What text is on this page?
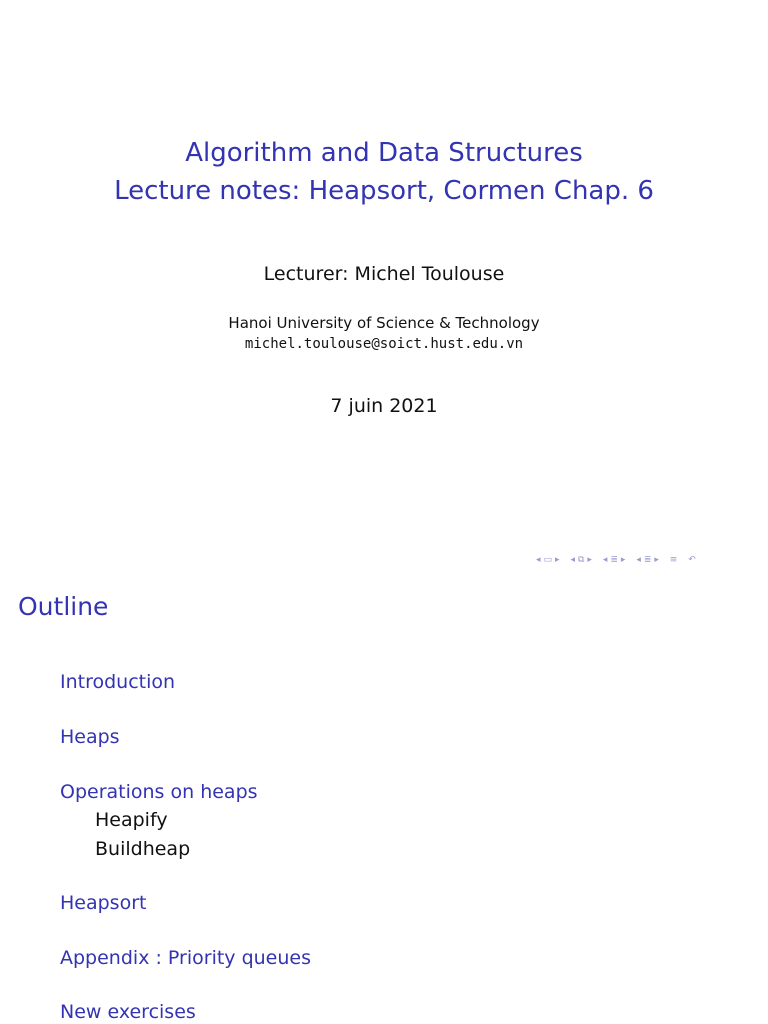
Algorithm and Data Structures
Lecture notes: Heapsort, Cormen Chap. 6
Lecturer: Michel Toulouse
Hanoi University of Science & Technology
michel.toulouse@soict.hust.edu.vn
7 juin 2021
◂ ▭ ▸ ◂ ⧉ ▸ ◂ ≣ ▸ ◂ ≣ ▸ ≡ ↶
Outline
Introduction
Heaps
Operations on heaps
Heapify
Buildheap
Heapsort
Appendix : Priority queues
New exercises
